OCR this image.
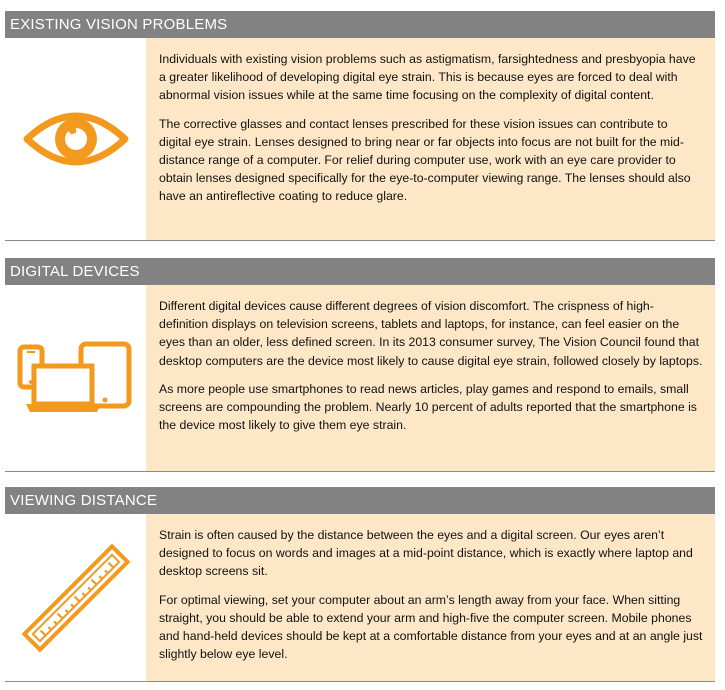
EXISTING VISION PROBLEMS

Individuals with existing vision problems such as astigmatism, farsightedness and presbyopia have a greater likelihood of developing digital eye strain. This is because eyes are forced to deal with abnormal vision issues while at the same time focusing on the complexity of digital content.

The corrective glasses and contact lenses prescribed for these vision issues can contribute to digital eye strain. Lenses designed to bring near or far objects into focus are not built for the mid-distance range of a computer. For relief during computer use, work with an eye care provider to obtain lenses designed specifically for the eye-to-computer viewing range. The lenses should also have an antireflective coating to reduce glare.

DIGITAL DEVICES

Different digital devices cause different degrees of vision discomfort. The crispness of high-definition displays on television screens, tablets and laptops, for instance, can feel easier on the eyes than an older, less defined screen. In its 2013 consumer survey, The Vision Council found that desktop computers are the device most likely to cause digital eye strain, followed closely by laptops.

As more people use smartphones to read news articles, play games and respond to emails, small screens are compounding the problem. Nearly 10 percent of adults reported that the smartphone is the device most likely to give them eye strain.

VIEWING DISTANCE

Strain is often caused by the distance between the eyes and a digital screen. Our eyes aren’t designed to focus on words and images at a mid-point distance, which is exactly where laptop and desktop screens sit.

For optimal viewing, set your computer about an arm’s length away from your face. When sitting straight, you should be able to extend your arm and high-five the computer screen. Mobile phones and hand-held devices should be kept at a comfortable distance from your eyes and at an angle just slightly below eye level.
